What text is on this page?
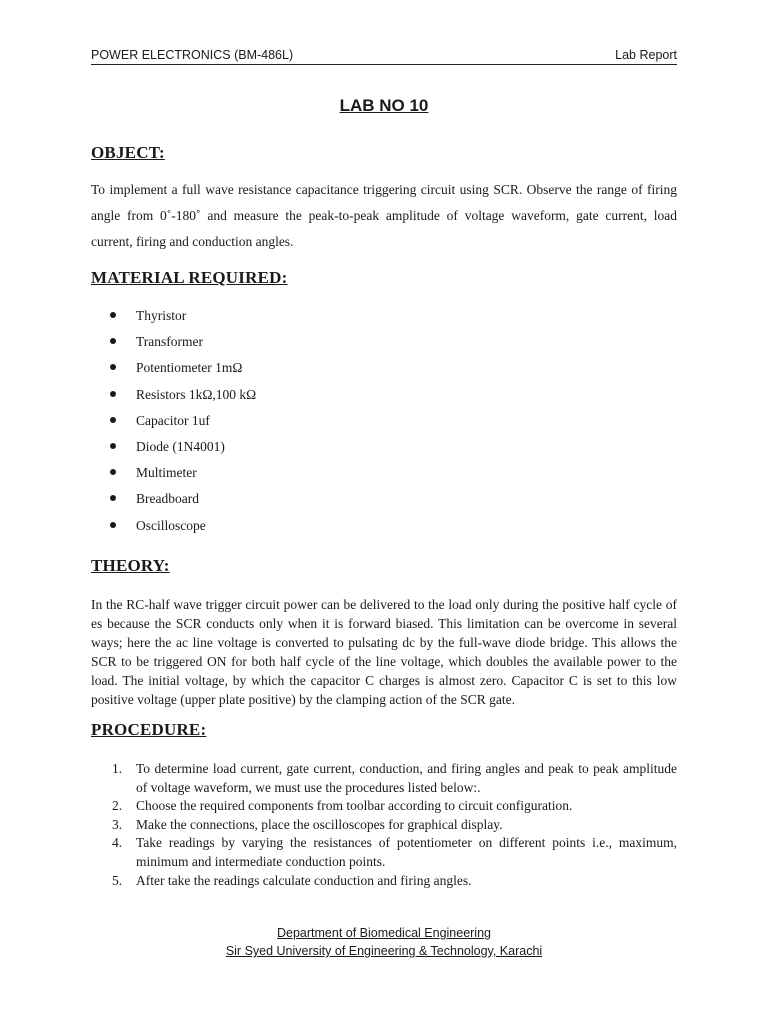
POWER ELECTRONICS (BM-486L)	Lab Report
LAB NO 10
OBJECT:
To implement a full wave resistance capacitance triggering circuit using SCR. Observe the range of firing angle from 0˚-180˚ and measure the peak-to-peak amplitude of voltage waveform, gate current, load current, firing and conduction angles.
MATERIAL REQUIRED:
Thyristor
Transformer
Potentiometer 1mΩ
Resistors 1kΩ,100 kΩ
Capacitor 1uf
Diode (1N4001)
Multimeter
Breadboard
Oscilloscope
THEORY:
In the RC-half wave trigger circuit power can be delivered to the load only during the positive half cycle of es because the SCR conducts only when it is forward biased. This limitation can be overcome in several ways; here the ac line voltage is converted to pulsating dc by the full-wave diode bridge. This allows the SCR to be triggered ON for both half cycle of the line voltage, which doubles the available power to the load. The initial voltage, by which the capacitor C charges is almost zero. Capacitor C is set to this low positive voltage (upper plate positive) by the clamping action of the SCR gate.
PROCEDURE:
1. To determine load current, gate current, conduction, and firing angles and peak to peak amplitude of voltage waveform, we must use the procedures listed below:.
2. Choose the required components from toolbar according to circuit configuration.
3. Make the connections, place the oscilloscopes for graphical display.
4. Take readings by varying the resistances of potentiometer on different points i.e., maximum, minimum and intermediate conduction points.
5. After take the readings calculate conduction and firing angles.
Department of Biomedical Engineering
Sir Syed University of Engineering & Technology, Karachi
